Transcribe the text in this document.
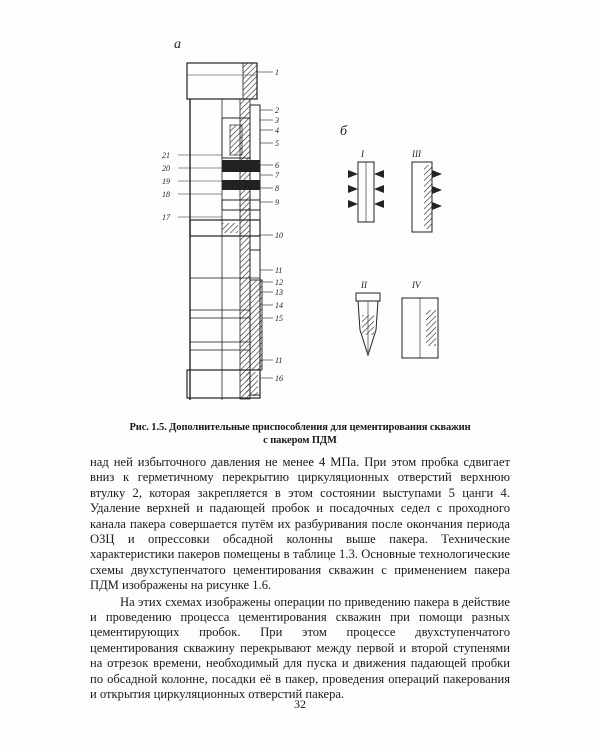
а
б
1
2
3
4
5
6
7
8
9
10
11
12
13
14
15
11
16
21
20
19
18
17
I	III
II	IV
Рис. 1.5. Дополнительные приспособления для цементирования скважин
с пакером ПДМ

над ней избыточного давления не менее 4 МПа. При этом пробка сдвигает вниз к герметичному перекрытию циркуляционных отверстий верхнюю втулку 2, которая закрепляется в этом состоянии выступами 5 цанги 4. Удаление верхней и падающей пробок и посадочных седел с проходного канала пакера совершается путём их разбуривания после окончания периода ОЗЦ и опрессовки обсадной колонны выше пакера. Технические характеристики пакеров помещены в таблице 1.3. Основные технологические схемы двухступенчатого цементирования скважин с применением пакера ПДМ изображены на рисунке 1.6.

На этих схемах изображены операции по приведению пакера в действие и проведению процесса цементирования скважин при помощи разных цементирующих пробок. При этом процессе двухступенчатого цементирования скважину перекрывают между первой и второй ступенями на отрезок времени, необходимый для пуска и движения падающей пробки по обсадной колонне, посадки её в пакер, проведения операций пакерования и открытия циркуляционных отверстий пакера.

32
